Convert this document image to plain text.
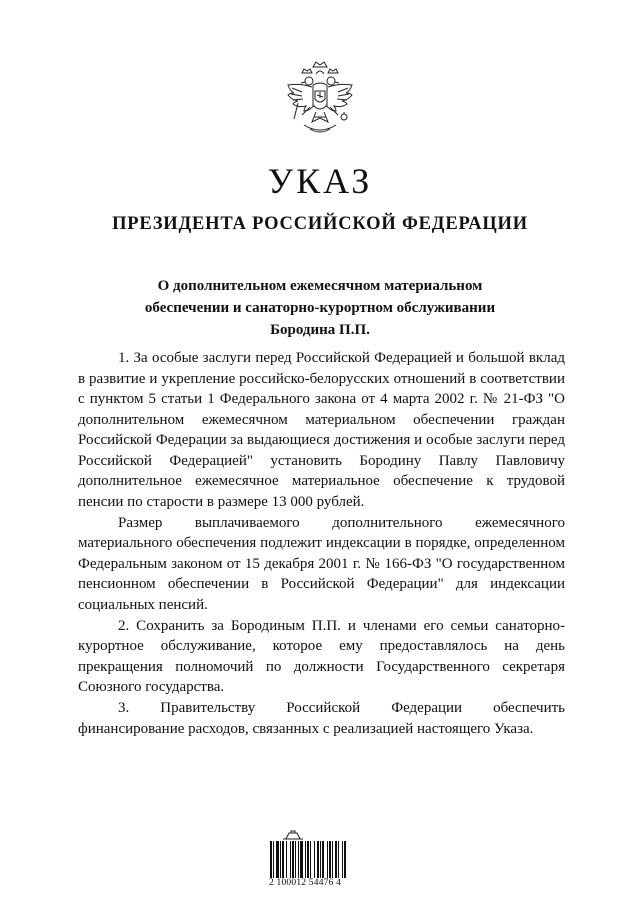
УКАЗ
ПРЕЗИДЕНТА РОССИЙСКОЙ ФЕДЕРАЦИИ
О дополнительном ежемесячном материальном
обеспечении и санаторно-курортном обслуживании
Бородина П.П.

1. За особые заслуги перед Российской Федерацией и большой вклад в развитие и укрепление российско-белорусских отношений в соответствии с пунктом 5 статьи 1 Федерального закона от 4 марта 2002 г. № 21-ФЗ "О дополнительном ежемесячном материальном обеспечении граждан Российской Федерации за выдающиеся достижения и особые заслуги перед Российской Федерацией" установить Бородину Павлу Павловичу дополнительное ежемесячное материальное обеспечение к трудовой пенсии по старости в размере 13 000 рублей.

Размер выплачиваемого дополнительного ежемесячного материального обеспечения подлежит индексации в порядке, определенном Федеральным законом от 15 декабря 2001 г. № 166-ФЗ "О государственном пенсионном обеспечении в Российской Федерации" для индексации социальных пенсий.

2. Сохранить за Бородиным П.П. и членами его семьи санаторно-курортное обслуживание, которое ему предоставлялось на день прекращения полномочий по должности Государственного секретаря Союзного государства.

3. Правительству Российской Федерации обеспечить финансирование расходов, связанных с реализацией настоящего Указа.

2 100012 54476 4
